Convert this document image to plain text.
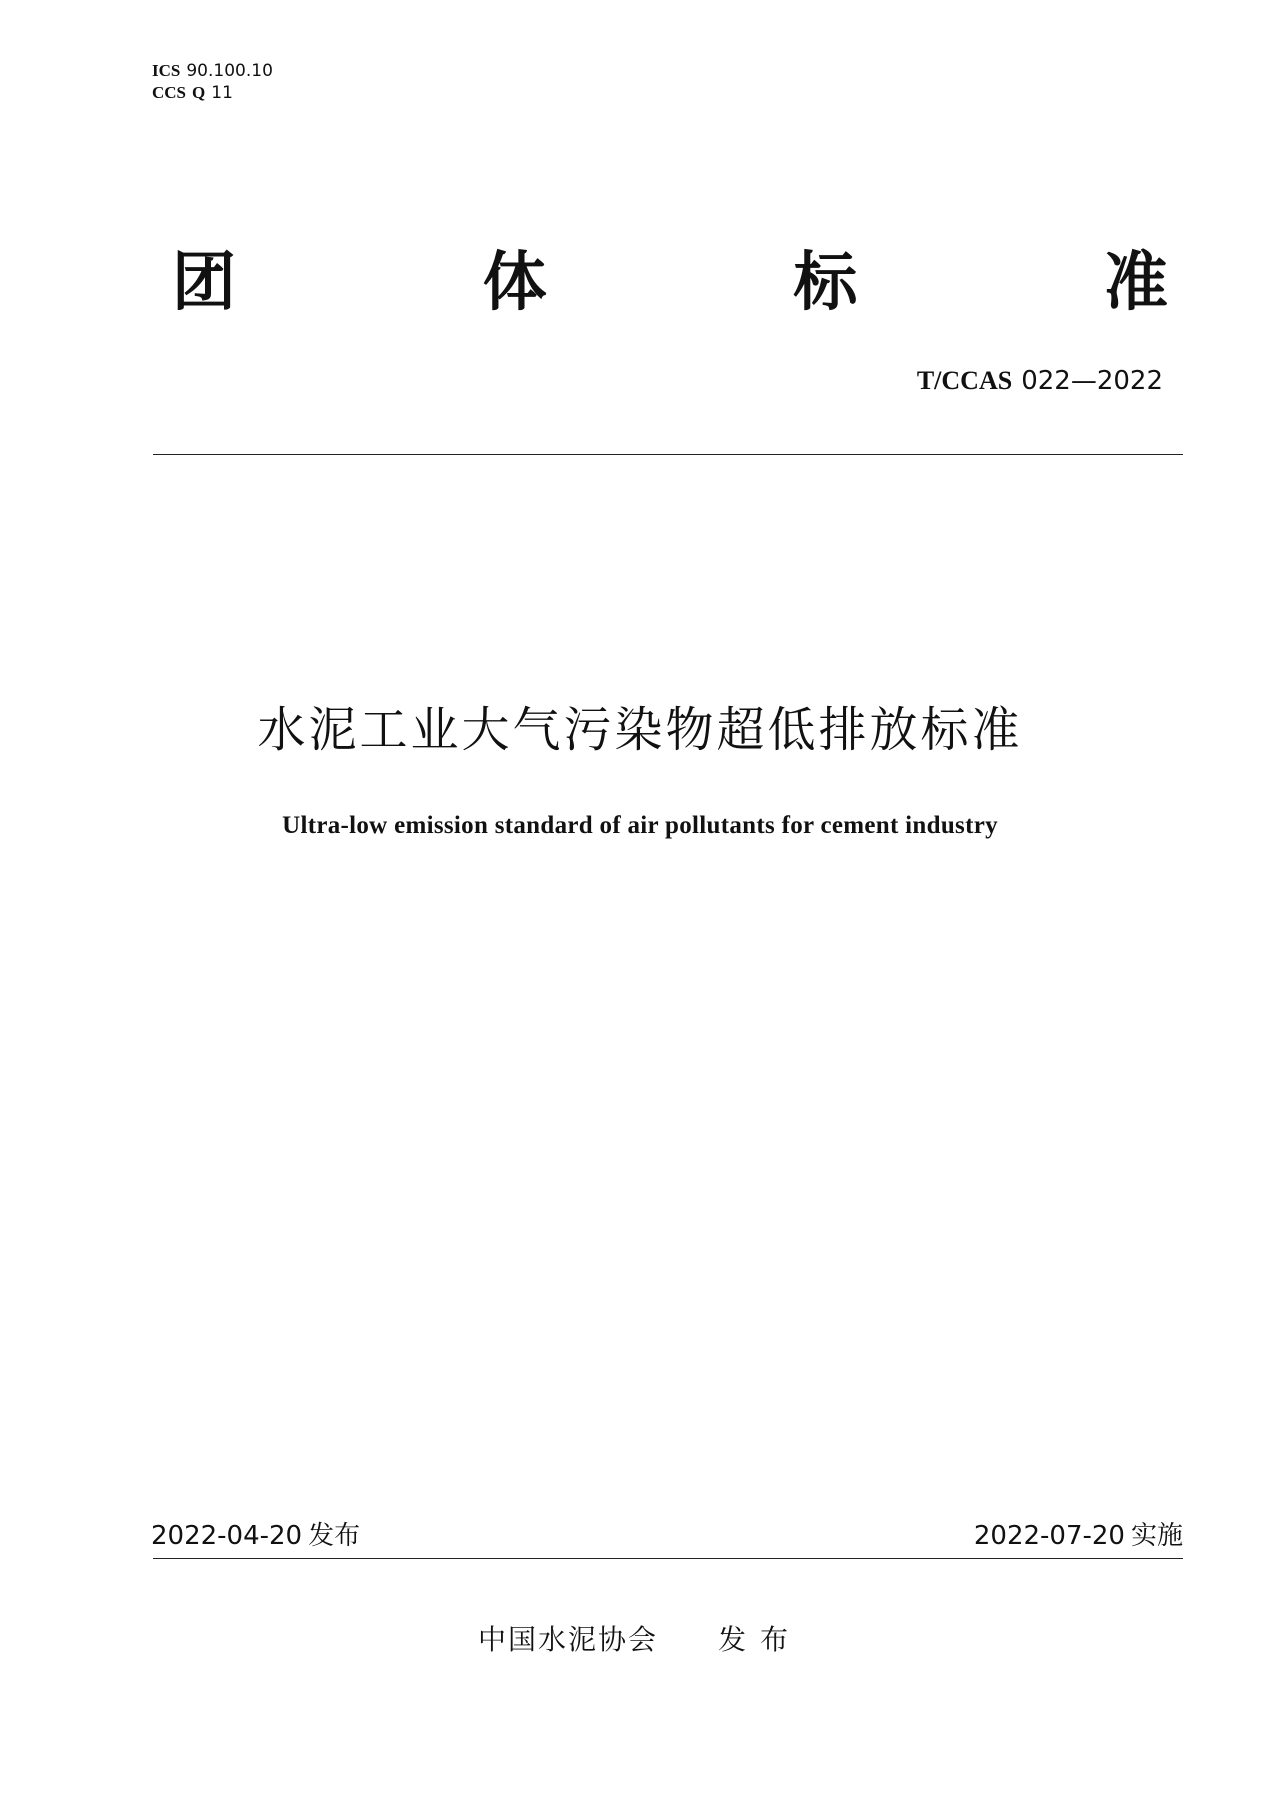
ICS 90.100.10
CCS Q 11
团	体	标	准
T/CCAS 022—2022
水泥工业大气污染物超低排放标准
Ultra-low emission standard of air pollutants for cement industry
2022-04-20 发布	2022-07-20 实施
中国水泥协会 发布
